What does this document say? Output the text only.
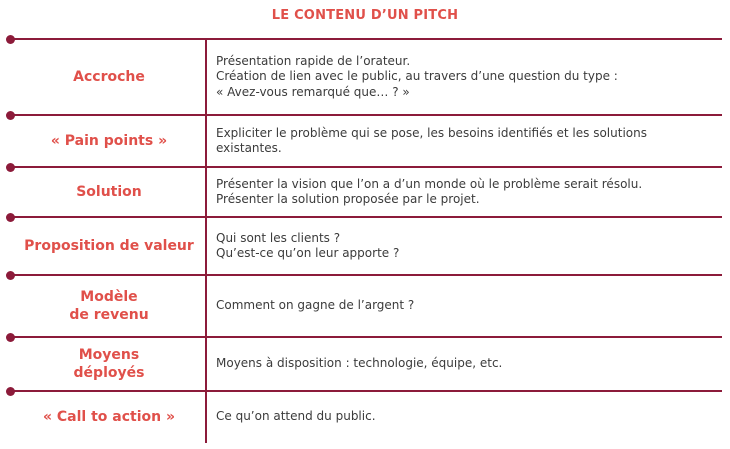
LE CONTENU D’UN PITCH
Accroche
Présentation rapide de l’orateur.
Création de lien avec le public, au travers d’une question du type :
« Avez-vous remarqué que… ? »
« Pain points »
Expliciter le problème qui se pose, les besoins identifiés et les solutions
existantes.
Solution
Présenter la vision que l’on a d’un monde où le problème serait résolu.
Présenter la solution proposée par le projet.
Proposition de valeur
Qui sont les clients ?
Qu’est-ce qu’on leur apporte ?
Modèle
de revenu
Comment on gagne de l’argent ?
Moyens
déployés
Moyens à disposition : technologie, équipe, etc.
« Call to action »	Ce qu’on attend du public.
